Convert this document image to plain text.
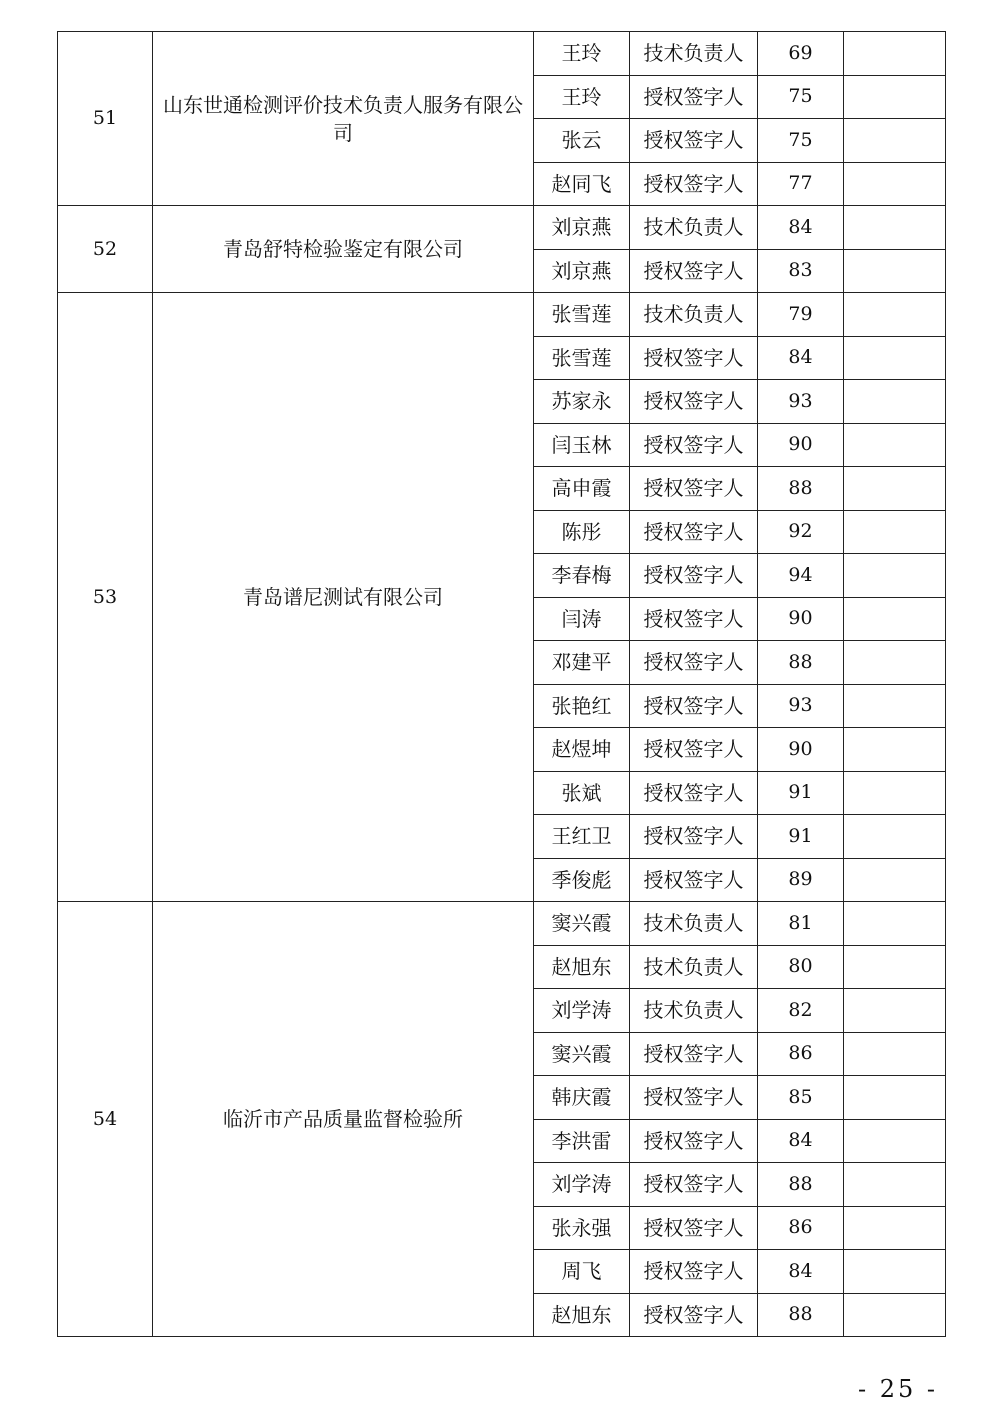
51	山东世通检测评价技术负责人服务有限公司	王玲	技术负责人	69	
		王玲	授权签字人	75	
		张云	授权签字人	75	
		赵同飞	授权签字人	77	
52	青岛舒特检验鉴定有限公司	刘京燕	技术负责人	84	
		刘京燕	授权签字人	83	
53	青岛谱尼测试有限公司	张雪莲	技术负责人	79	
		张雪莲	授权签字人	84	
		苏家永	授权签字人	93	
		闫玉林	授权签字人	90	
		高申霞	授权签字人	88	
		陈彤	授权签字人	92	
		李春梅	授权签字人	94	
		闫涛	授权签字人	90	
		邓建平	授权签字人	88	
		张艳红	授权签字人	93	
		赵煜坤	授权签字人	90	
		张斌	授权签字人	91	
		王红卫	授权签字人	91	
		季俊彪	授权签字人	89	
54	临沂市产品质量监督检验所	窦兴霞	技术负责人	81	
		赵旭东	技术负责人	80	
		刘学涛	技术负责人	82	
		窦兴霞	授权签字人	86	
		韩庆霞	授权签字人	85	
		李洪雷	授权签字人	84	
		刘学涛	授权签字人	88	
		张永强	授权签字人	86	
		周飞	授权签字人	84	
		赵旭东	授权签字人	88	
- 25 -
